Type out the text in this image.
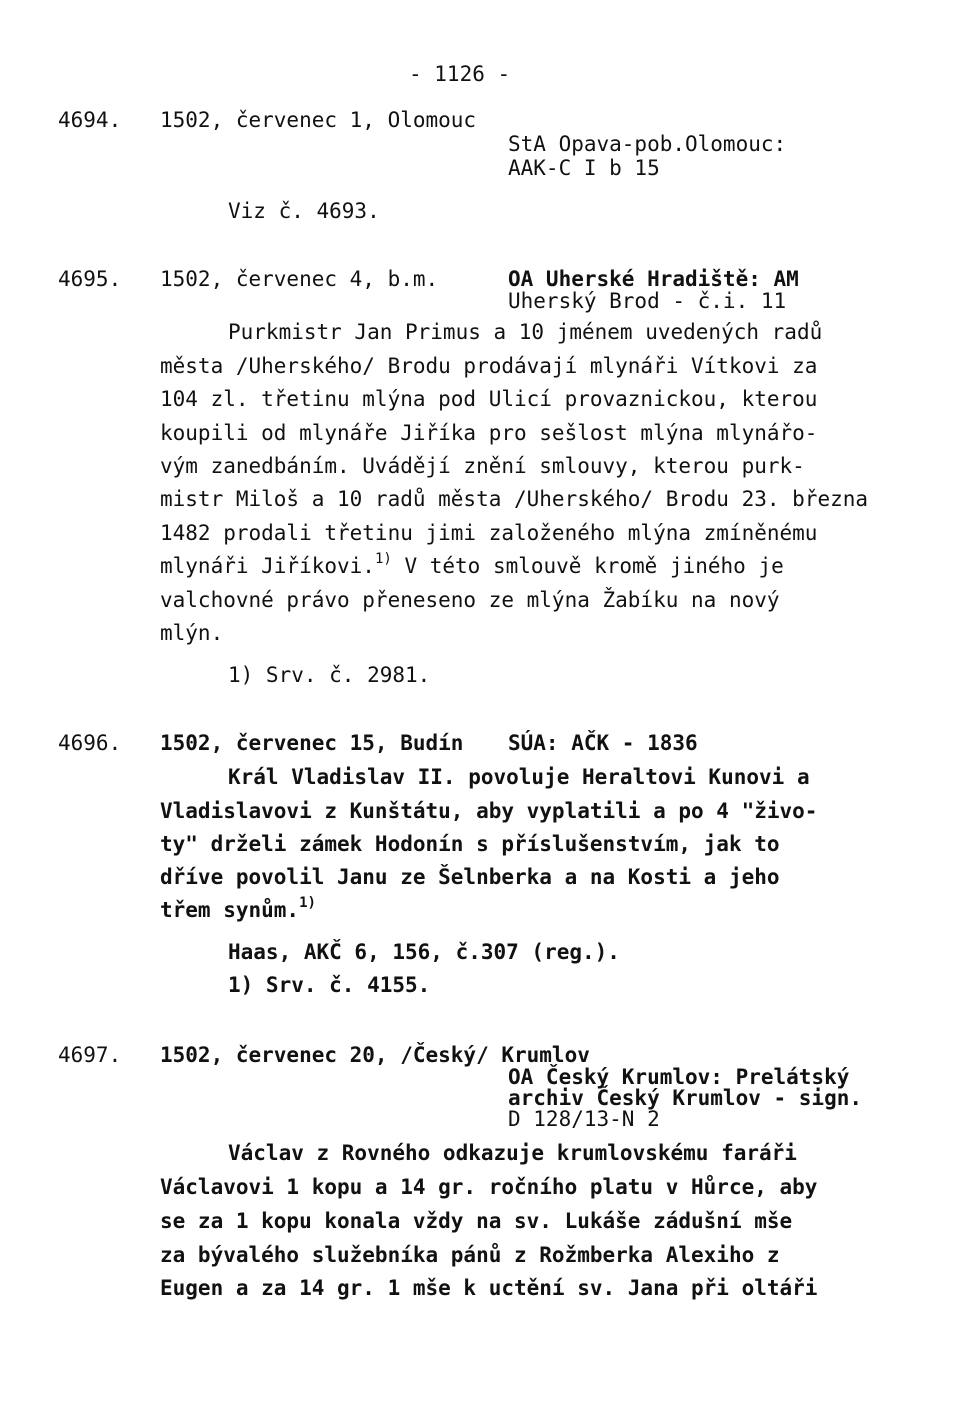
- 1126 -
4694. 1502, červenec 1, Olomouc
StA Opava-pob.Olomouc:
AAK-C I b 15
Viz č. 4693.
4695. 1502, červenec 4, b.m.	OA Uherské Hradiště: AM
Uherský Brod - č.i. 11
Purkmistr Jan Primus a 10 jménem uvedených radů
města /Uherského/ Brodu prodávají mlynáři Vítkovi za
104 zl. třetinu mlýna pod Ulicí provaznickou, kterou
koupili od mlynáře Jiříka pro sešlost mlýna mlynářo-
vým zanedbáním. Uvádějí znění smlouvy, kterou purk-
mistr Miloš a 10 radů města /Uherského/ Brodu 23. března
1482 prodali třetinu jimi založeného mlýna zmíněnému
mlynáři Jiříkovi.$^{1)}$ V této smlouvě kromě jiného je
valchovné právo přeneseno ze mlýna Žabíku na nový
mlýn.
1) Srv. č. 2981.
4696. 1502, červenec 15, Budín SÚA: AČK - 1836
Král Vladislav II. povoluje Heraltovi Kunovi a
Vladislavovi z Kunštátu, aby vyplatili a po 4 "živo-
ty" drželi zámek Hodonín s příslušenstvím, jak to
dříve povolil Janu ze Šelnberka a na Kosti a jeho
třem synům.$^{1)}$
Haas, AKČ 6, 156, č.307 (reg.).
1) Srv. č. 4155.
4697. 1502, červenec 20, /Český/ Krumlov
OA Český Krumlov: Prelátský
archiv Český Krumlov - sign.
D 128/13-N 2
Václav z Rovného odkazuje krumlovskému faráři
Václavovi 1 kopu a 14 gr. ročního platu v Hůrce, aby
se za 1 kopu konala vždy na sv. Lukáše zádušní mše
za bývalého služebníka pánů z Rožmberka Alexiho z
Eugen a za 14 gr. 1 mše k uctění sv. Jana při oltáři
